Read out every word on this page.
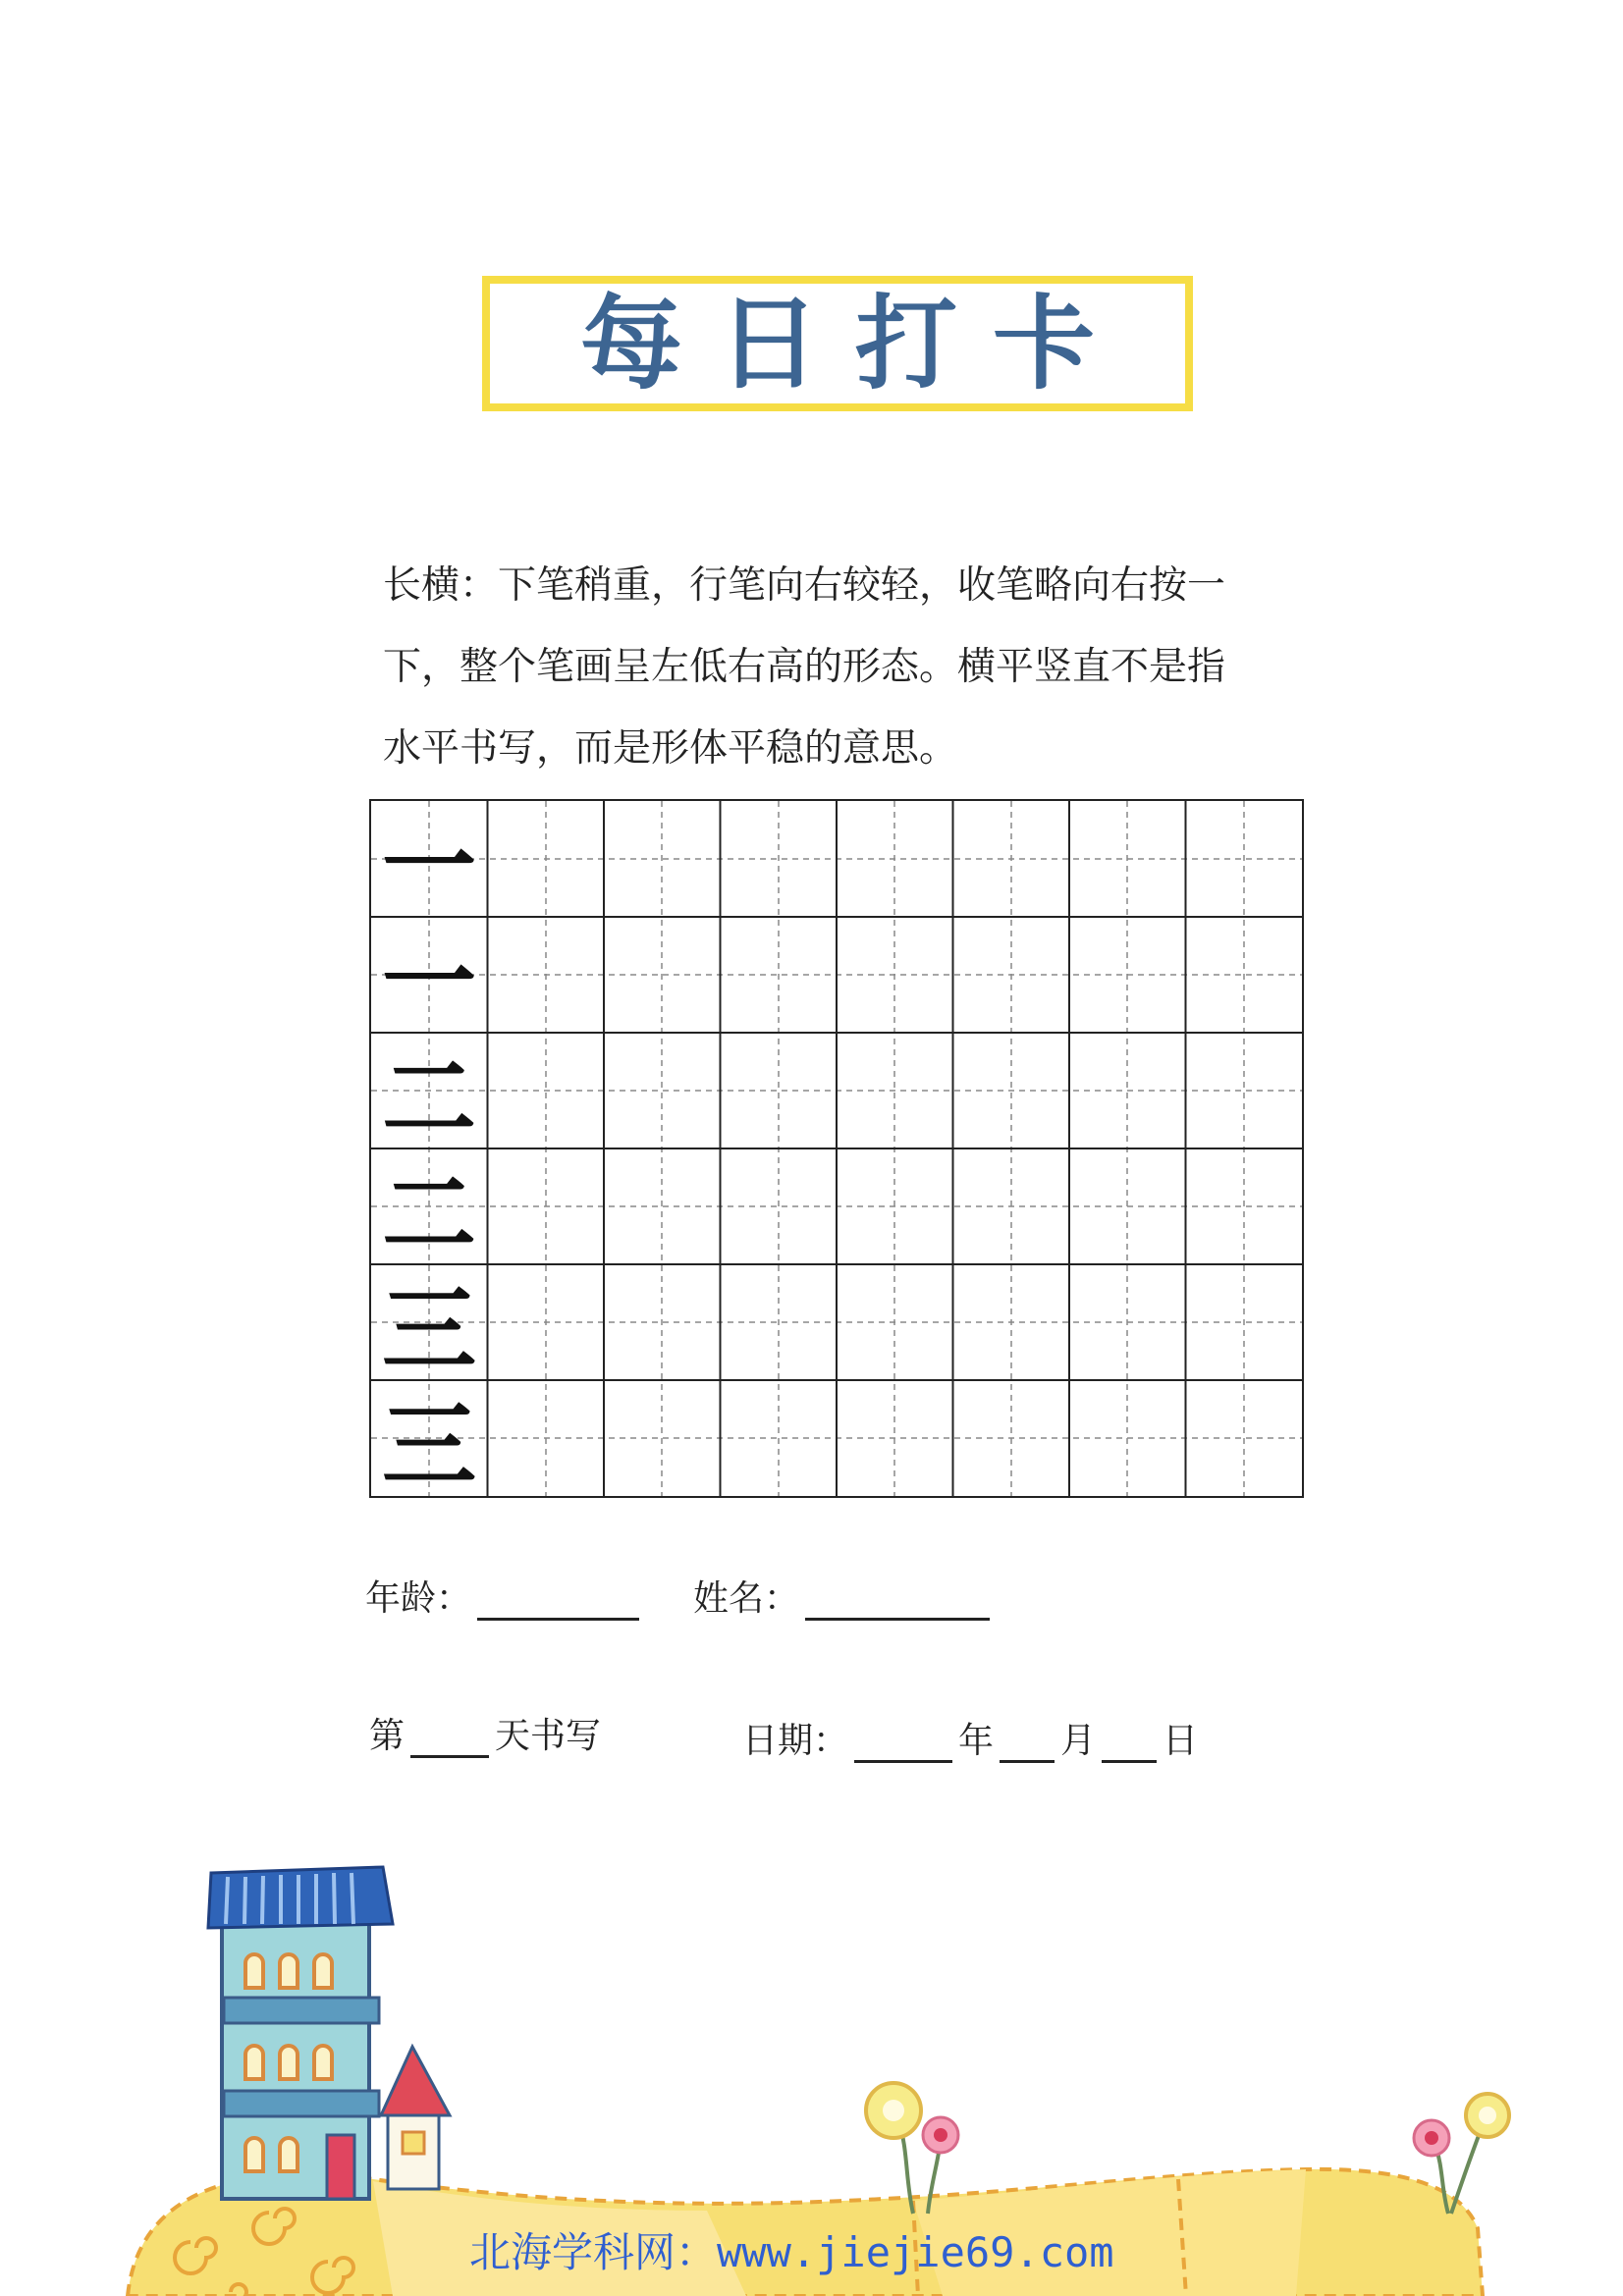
每日打卡

长横：下笔稍重，行笔向右较轻，收笔略向右按一

下，整个笔画呈左低右高的形态。横平竖直不是指

水平书写，而是形体平稳的意思。

一
一
二
二
三
三
年龄：	姓名：
第	天书写	日期：	年 月 日
北海学科网：www.jiejie69.com
